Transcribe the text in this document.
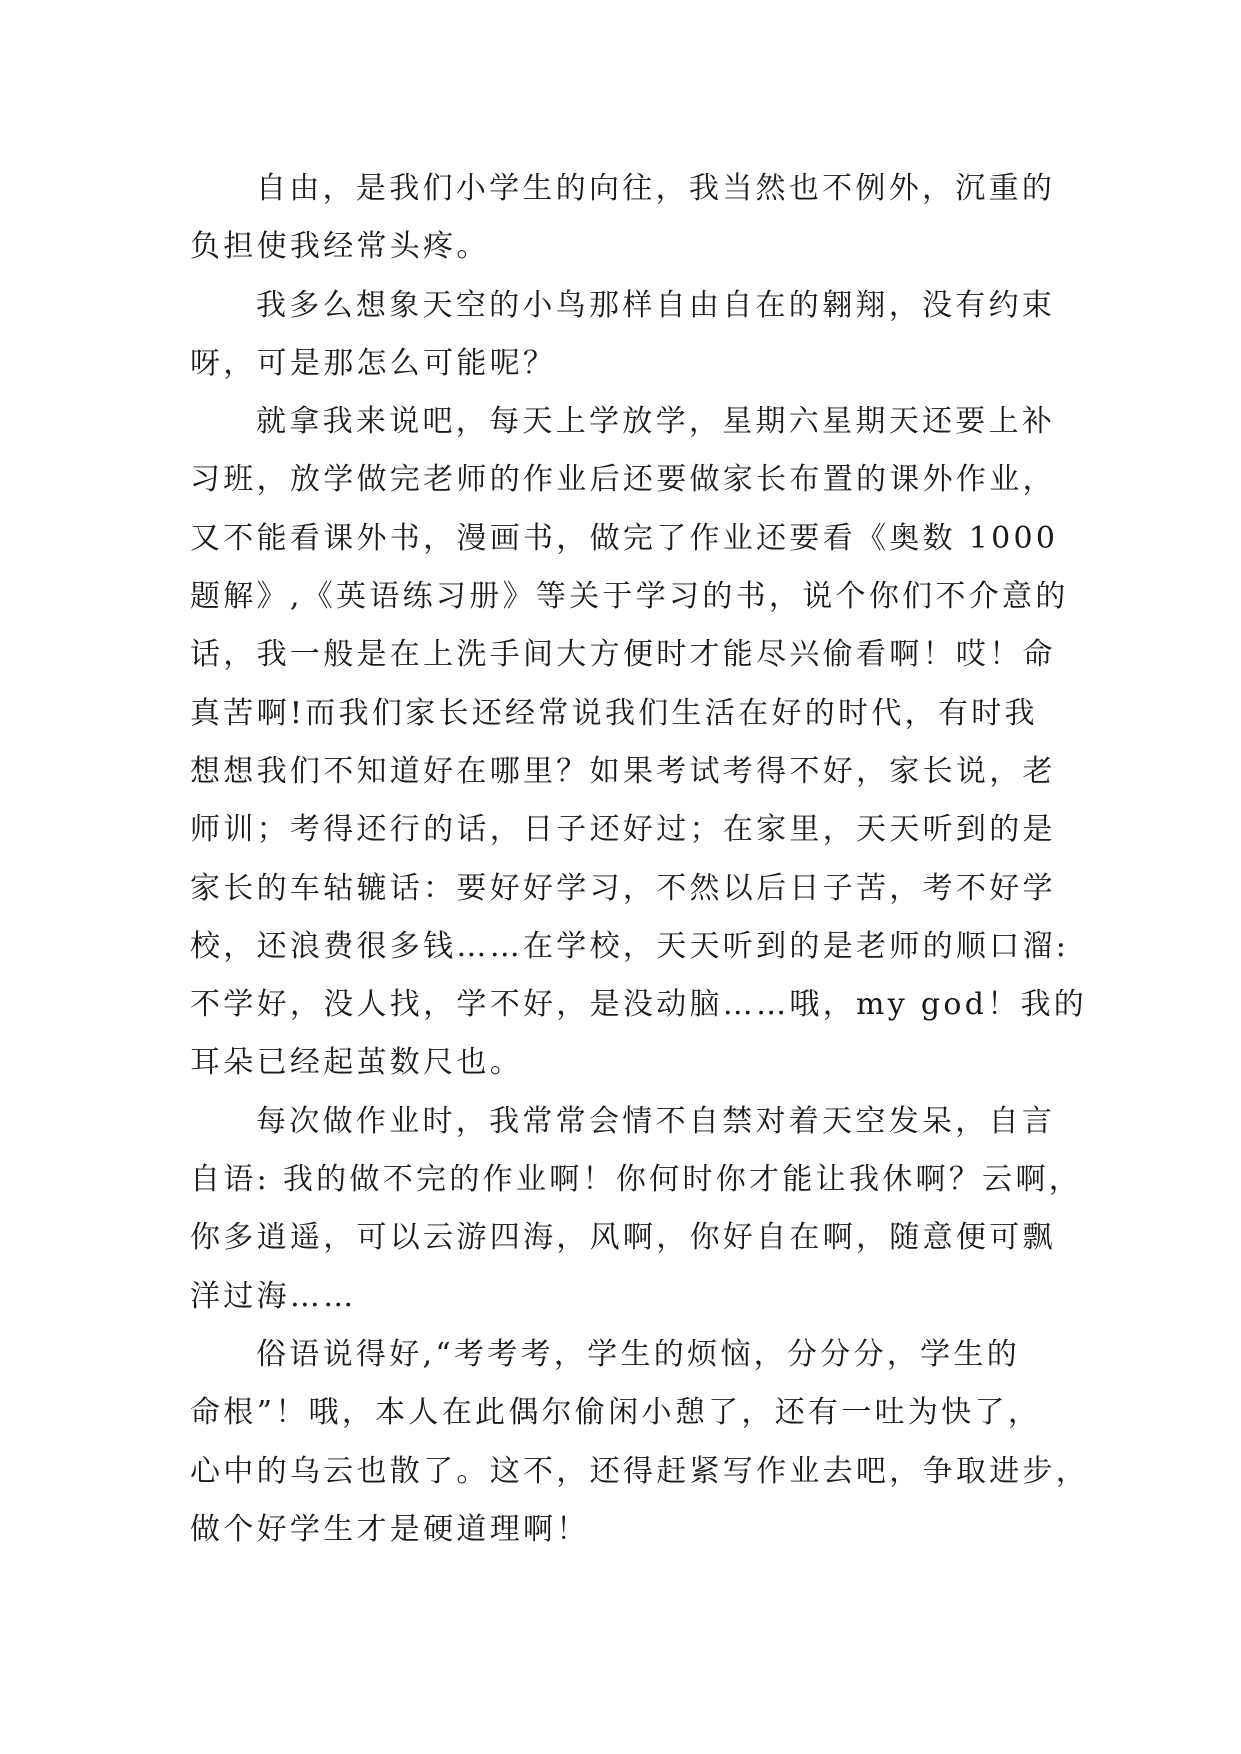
自由，是我们小学生的向往，我当然也不例外，沉重的
负担使我经常头疼。
我多么想象天空的小鸟那样自由自在的翱翔，没有约束
呀，可是那怎么可能呢？
就拿我来说吧，每天上学放学，星期六星期天还要上补
习班，放学做完老师的作业后还要做家长布置的课外作业，
又不能看课外书，漫画书，做完了作业还要看《奥数 1000
题解》,《英语练习册》等关于学习的书，说个你们不介意的
话，我一般是在上洗手间大方便时才能尽兴偷看啊！哎！命
真苦啊!而我们家长还经常说我们生活在好的时代，有时我
想想我们不知道好在哪里？如果考试考得不好，家长说，老
师训；考得还行的话，日子还好过；在家里，天天听到的是
家长的车轱辘话：要好好学习，不然以后日子苦，考不好学
校，还浪费很多钱……在学校，天天听到的是老师的顺口溜:
不学好，没人找，学不好，是没动脑……哦，my god！我的
耳朵已经起茧数尺也。
每次做作业时，我常常会情不自禁对着天空发呆，自言
自语: 我的做不完的作业啊！你何时你才能让我休啊？云啊，
你多逍遥，可以云游四海，风啊，你好自在啊，随意便可飘
洋过海……
俗语说得好,“考考考，学生的烦恼，分分分，学生的
命根”！哦，本人在此偶尔偷闲小憩了，还有一吐为快了，
心中的乌云也散了。这不，还得赶紧写作业去吧，争取进步，
做个好学生才是硬道理啊！
